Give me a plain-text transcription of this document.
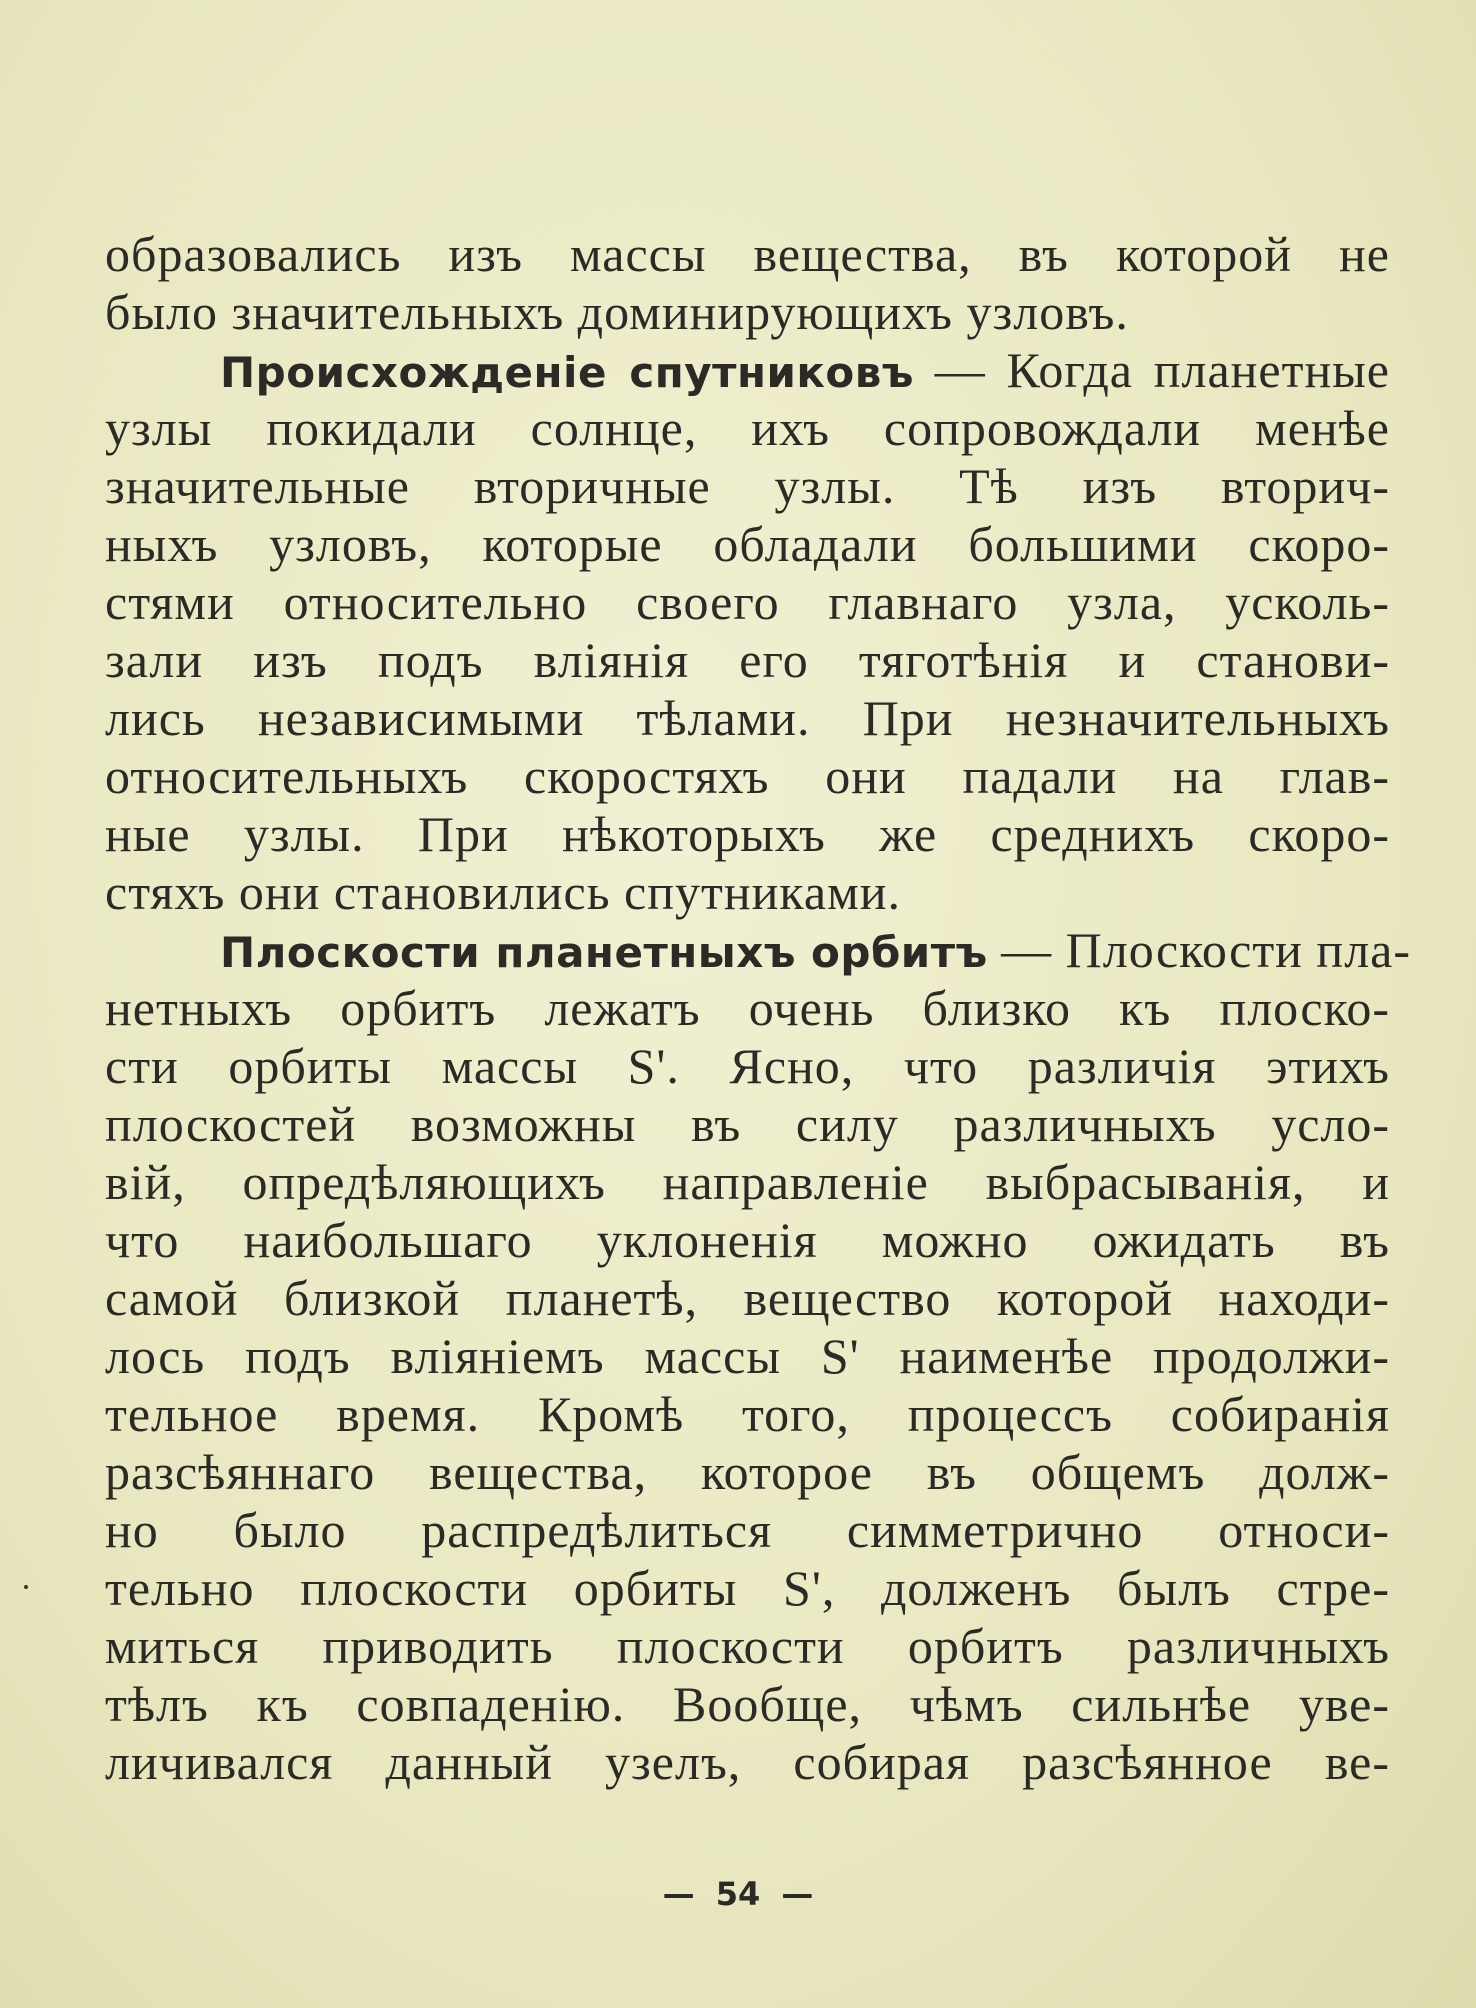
образовались изъ массы вещества, въ которой не
было значительныхъ доминирующихъ узловъ.
Происхожденіе спутниковъ — Когда планетные
узлы покидали солнце, ихъ сопровождали менѣе
значительные вторичные узлы. Тѣ изъ вторич-
ныхъ узловъ, которые обладали большими скоро-
стями относительно своего главнаго узла, усколь-
зали изъ подъ вліянія его тяготѣнія и станови-
лись независимыми тѣлами. При незначительныхъ
относительныхъ скоростяхъ они падали на глав-
ные узлы. При нѣкоторыхъ же среднихъ скоро-
стяхъ они становились спутниками.
Плоскости планетныхъ орбитъ — Плоскости пла-
нетныхъ орбитъ лежатъ очень близко къ плоско-
сти орбиты массы S'. Ясно, что различія этихъ
плоскостей возможны въ силу различныхъ усло-
вій, опредѣляющихъ направленіе выбрасыванія, и
что наибольшаго уклоненія можно ожидать въ
самой близкой планетѣ, вещество которой находи-
лось подъ вліяніемъ массы S' наименѣе продолжи-
тельное время. Кромѣ того, процессъ собиранія
разсѣяннаго вещества, которое въ общемъ долж-
но было распредѣлиться симметрично относи-
тельно плоскости орбиты S', долженъ былъ стре-
миться приводить плоскости орбитъ различныхъ
тѣлъ къ совпаденію. Вообще, чѣмъ сильнѣе уве-
личивался данный узелъ, собирая разсѣянное ве-
— 54 —
